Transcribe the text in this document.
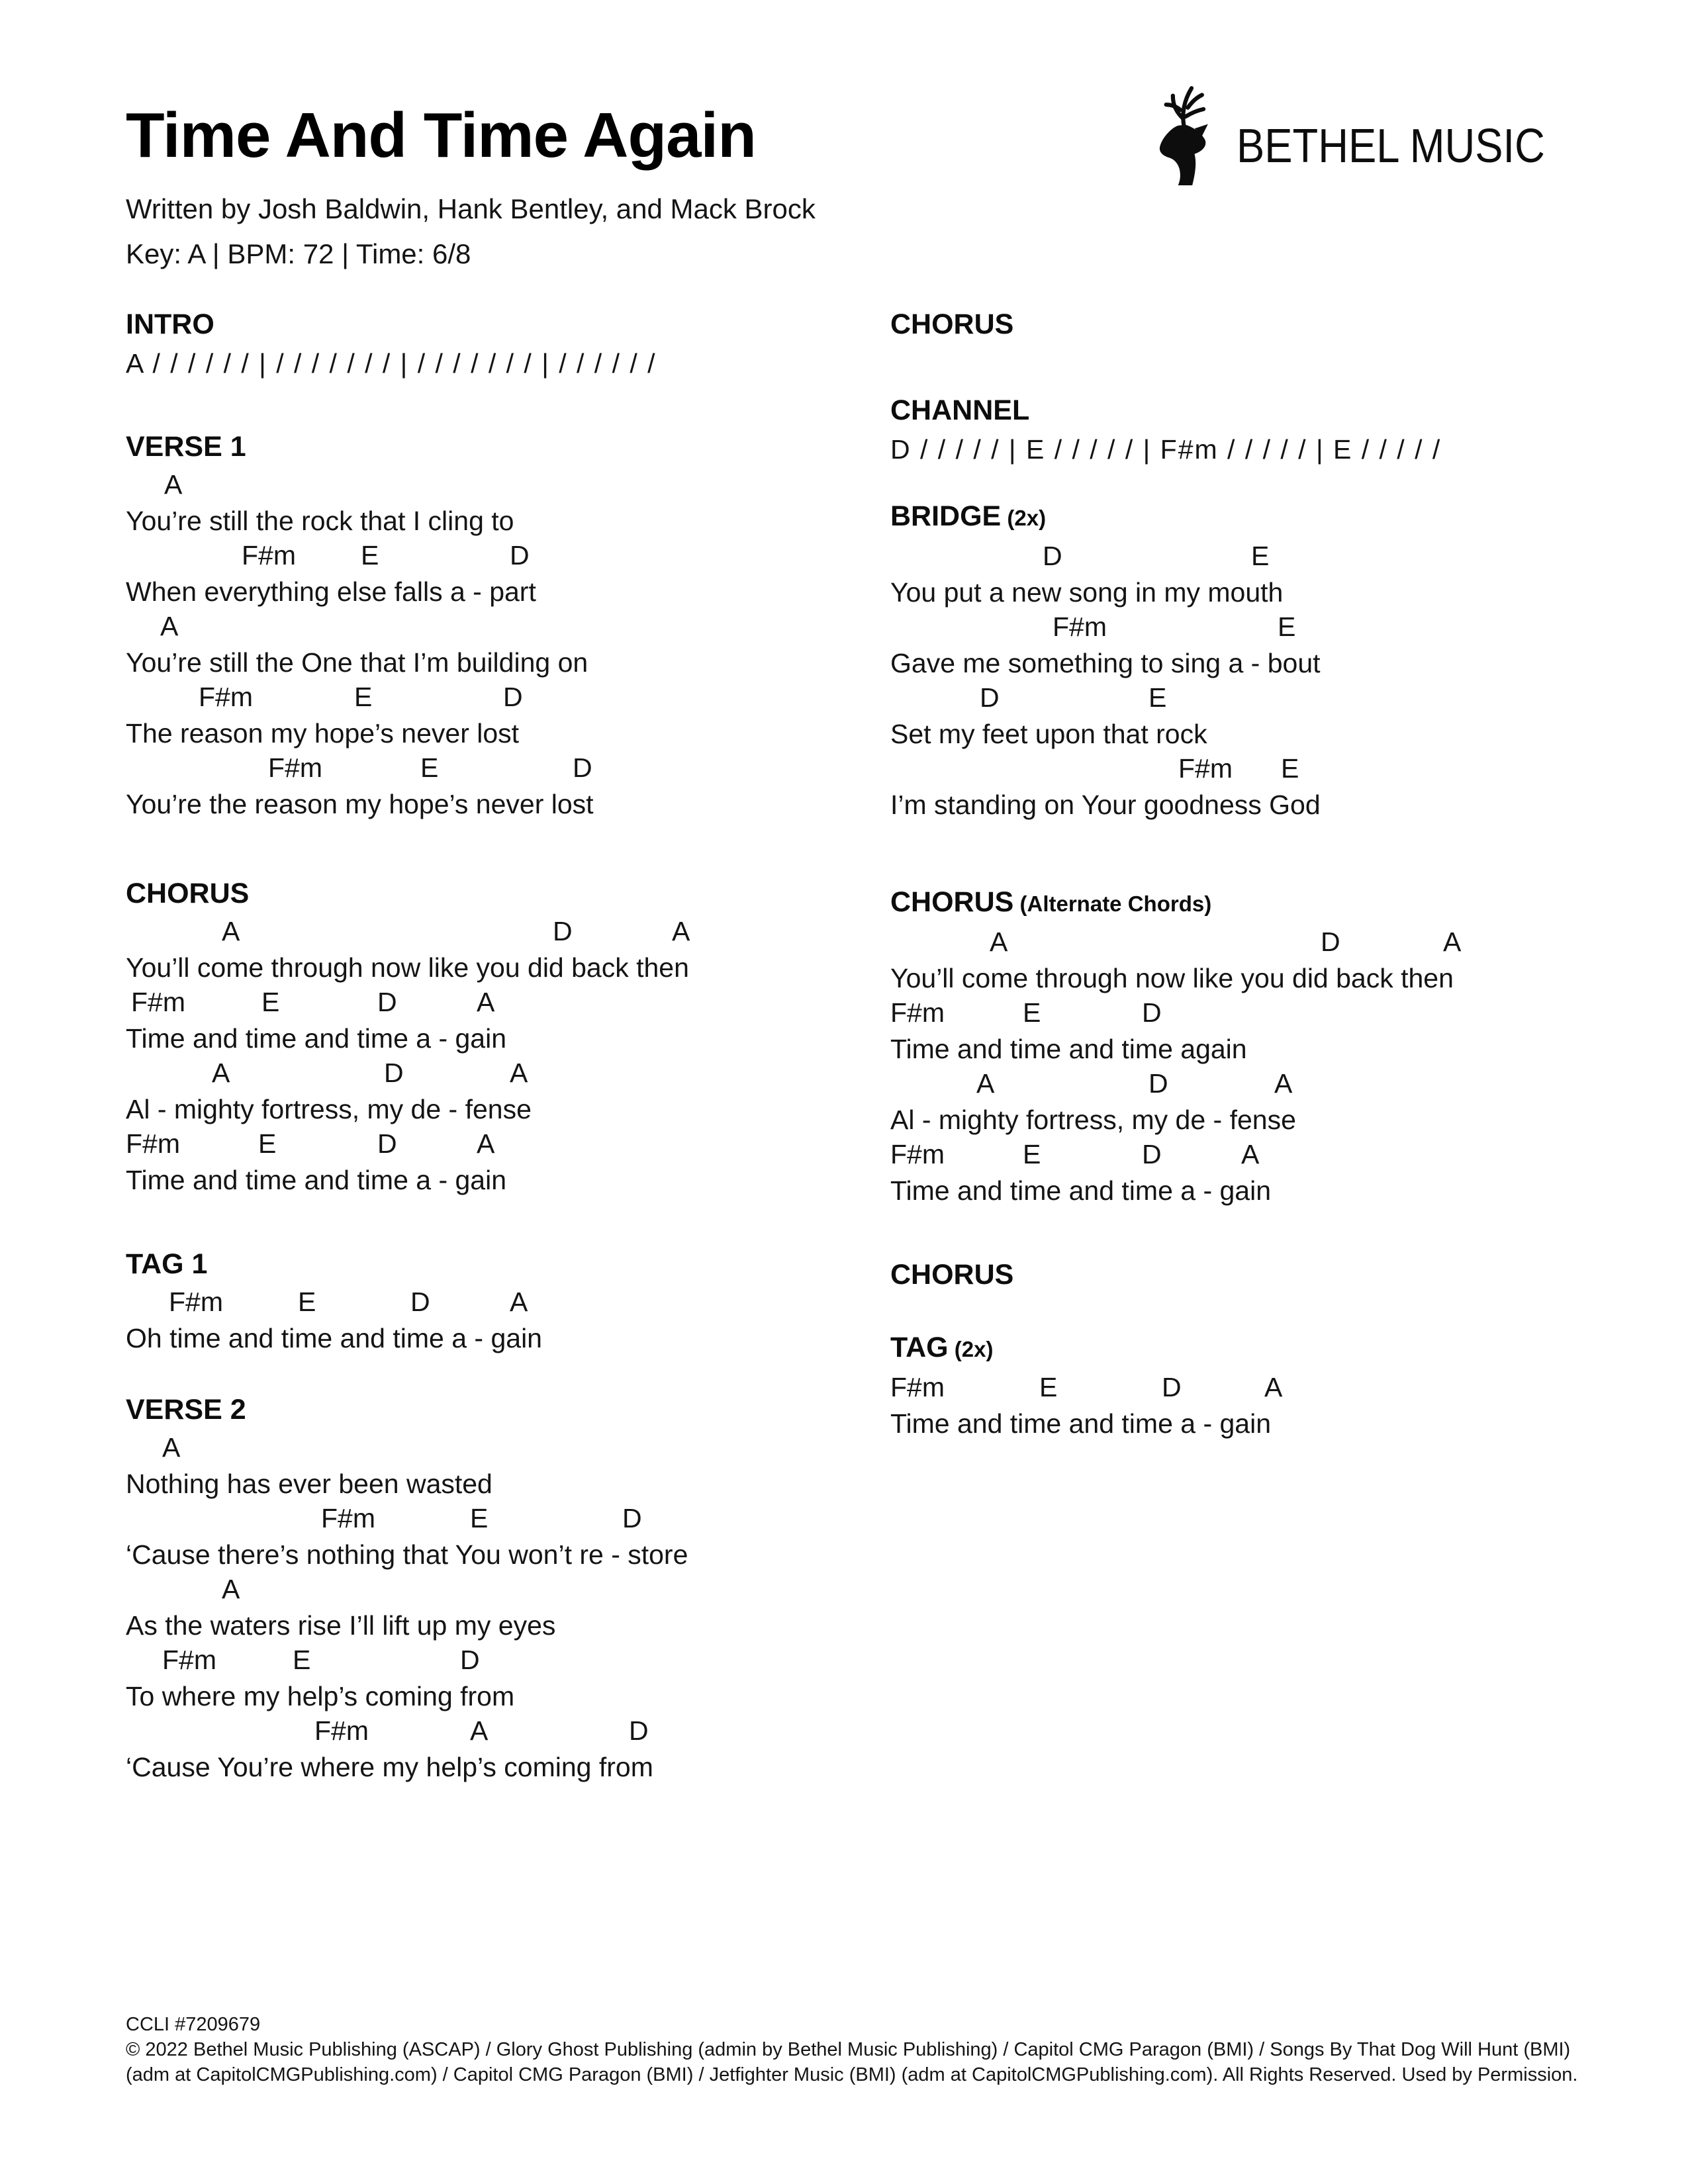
Time And Time Again
Written by Josh Baldwin, Hank Bentley, and Mack Brock
Key: A | BPM: 72 | Time: 6/8
BETHEL MUSIC
INTRO
A / / / / / / | / / / / / / / | / / / / / / / | / / / / / /
VERSE 1
A
You’re still the rock that I cling to
F#m E	D
When everything else falls a - part
A
You’re still the One that I’m building on
F#m	E	D
The reason my hope’s never lost
F#m	E	D
You’re the reason my hope’s never lost
CHORUS
A	D	A
You’ll come through now like you did back then
F#m	E	D	A
Time and time and time a - gain
A	D	A
Al - mighty fortress, my de - fense
F#m	E	D	A
Time and time and time a - gain
TAG 1
F#m	E	D	A
Oh time and time and time a - gain
VERSE 2
A
Nothing has ever been wasted
F#m	E	D
‘Cause there’s nothing that You won’t re - store
A
As the waters rise I’ll lift up my eyes
F#m	E	D
To where my help’s coming from
F#m	A	D
‘Cause You’re where my help’s coming from
CHORUS
CHANNEL
D / / / / / | E / / / / / | F#m / / / / / | E / / / / /
BRIDGE (2x)
D	E
You put a new song in my mouth
F#m	E
Gave me something to sing a - bout
D	E
Set my feet upon that rock
F#m E
I’m standing on Your goodness God
CHORUS (Alternate Chords)
A	D	A
You’ll come through now like you did back then
F#m	E	D
Time and time and time again
A	D	A
Al - mighty fortress, my de - fense
F#m	E	D	A
Time and time and time a - gain
CHORUS
TAG (2x)
F#m	E	D	A
Time and time and time a - gain
CCLI #7209679
© 2022 Bethel Music Publishing (ASCAP) / Glory Ghost Publishing (admin by Bethel Music Publishing) / Capitol CMG Paragon (BMI) / Songs By That Dog Will Hunt (BMI)
(adm at CapitolCMGPublishing.com) / Capitol CMG Paragon (BMI) / Jetfighter Music (BMI) (adm at CapitolCMGPublishing.com). All Rights Reserved. Used by Permission.
